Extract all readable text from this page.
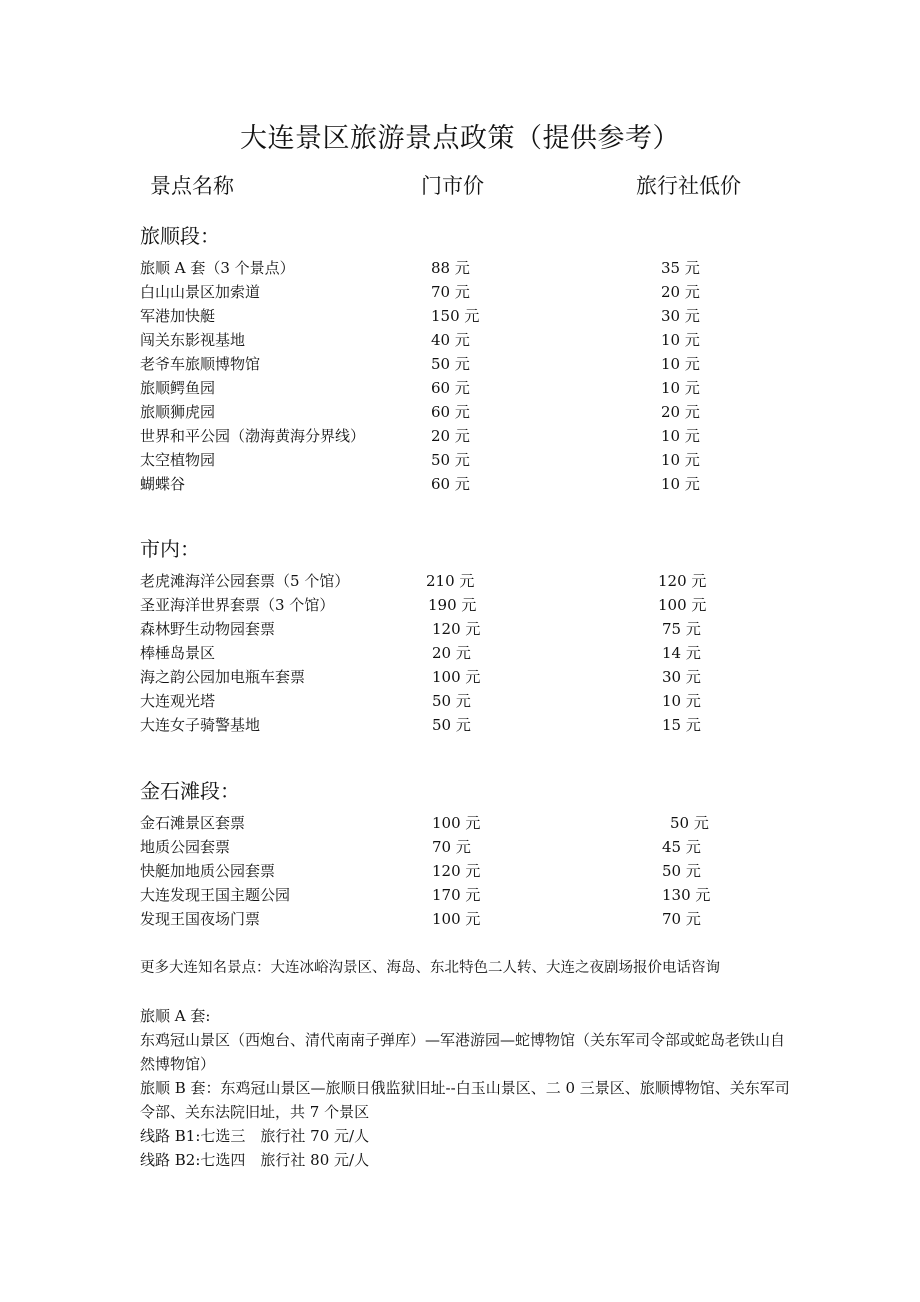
大连景区旅游景点政策（提供参考）
景点名称	门市价	旅行社低价
旅顺段：
旅顺 A 套（3 个景点）	88 元	35 元
白山山景区加索道	70 元	20 元
军港加快艇	150 元	30 元
闯关东影视基地	40 元	10 元
老爷车旅顺博物馆	50 元	10 元
旅顺鳄鱼园	60 元	10 元
旅顺狮虎园	60 元	20 元
世界和平公园（渤海黄海分界线）	20 元	10 元
太空植物园	50 元	10 元
蝴蝶谷	60 元	10 元
市内：
老虎滩海洋公园套票（5 个馆）	210 元	120 元
圣亚海洋世界套票（3 个馆）	190 元	100 元
森林野生动物园套票	120 元	75 元
棒棰岛景区	20 元	14 元
海之韵公园加电瓶车套票	100 元	30 元
大连观光塔	50 元	10 元
大连女子骑警基地	50 元	15 元
金石滩段：
金石滩景区套票	100 元	50 元
地质公园套票	70 元	45 元
快艇加地质公园套票	120 元	50 元
大连发现王国主题公园	170 元	130 元
发现王国夜场门票	100 元	70 元
更多大连知名景点：大连冰峪沟景区、海岛、东北特色二人转、大连之夜剧场报价电话咨询
旅顺 A 套:
东鸡冠山景区（西炮台、清代南南子弹库）—军港游园—蛇博物馆（关东军司令部或蛇岛老铁山自然博物馆）
旅顺 B 套：东鸡冠山景区—旅顺日俄监狱旧址--白玉山景区、二 0 三景区、旅顺博物馆、关东军司令部、关东法院旧址，共 7 个景区
线路 B1:七选三　旅行社 70 元/人
线路 B2:七选四　旅行社 80 元/人
